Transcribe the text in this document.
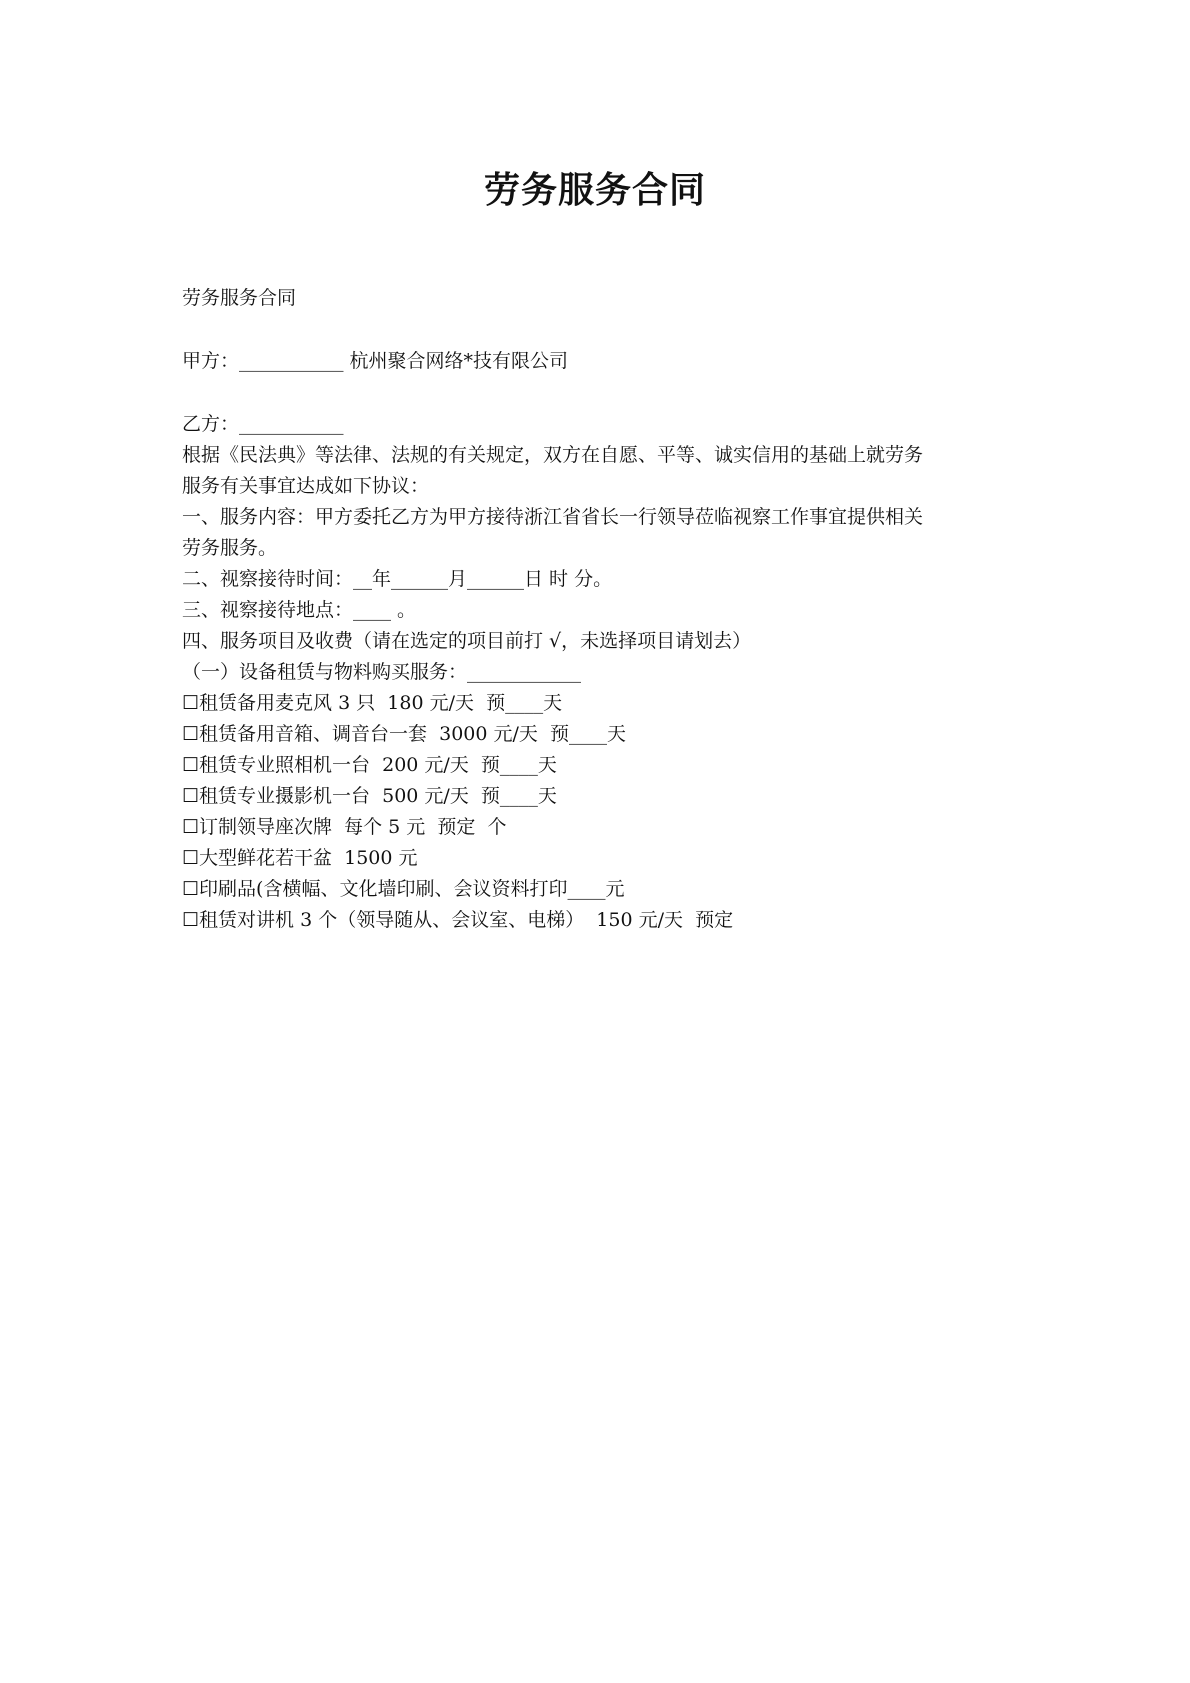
劳务服务合同
劳务服务合同
甲方：___________ 杭州聚合网络*技有限公司
乙方：___________
根据《民法典》等法律、法规的有关规定，双方在自愿、平等、诚实信用的基础上就劳务
服务有关事宜达成如下协议：
一、服务内容：甲方委托乙方为甲方接待浙江省省长一行领导莅临视察工作事宜提供相关
劳务服务。
二、视察接待时间：__年______月______日 时 分。
三、视察接待地点：____ 。
四、服务项目及收费（请在选定的项目前打 √，未选择项目请划去）
（一）设备租赁与物料购买服务：____________
☐租赁备用麦克风 3 只  180 元/天  预____天
☐租赁备用音箱、调音台一套  3000 元/天  预____天
☐租赁专业照相机一台  200 元/天  预____天
☐租赁专业摄影机一台  500 元/天  预____天
☐订制领导座次牌  每个 5 元  预定  个
☐大型鲜花若干盆  1500 元
☐印刷品(含横幅、文化墙印刷、会议资料打印____元
☐租赁对讲机 3 个（领导随从、会议室、电梯）  150 元/天  预定
